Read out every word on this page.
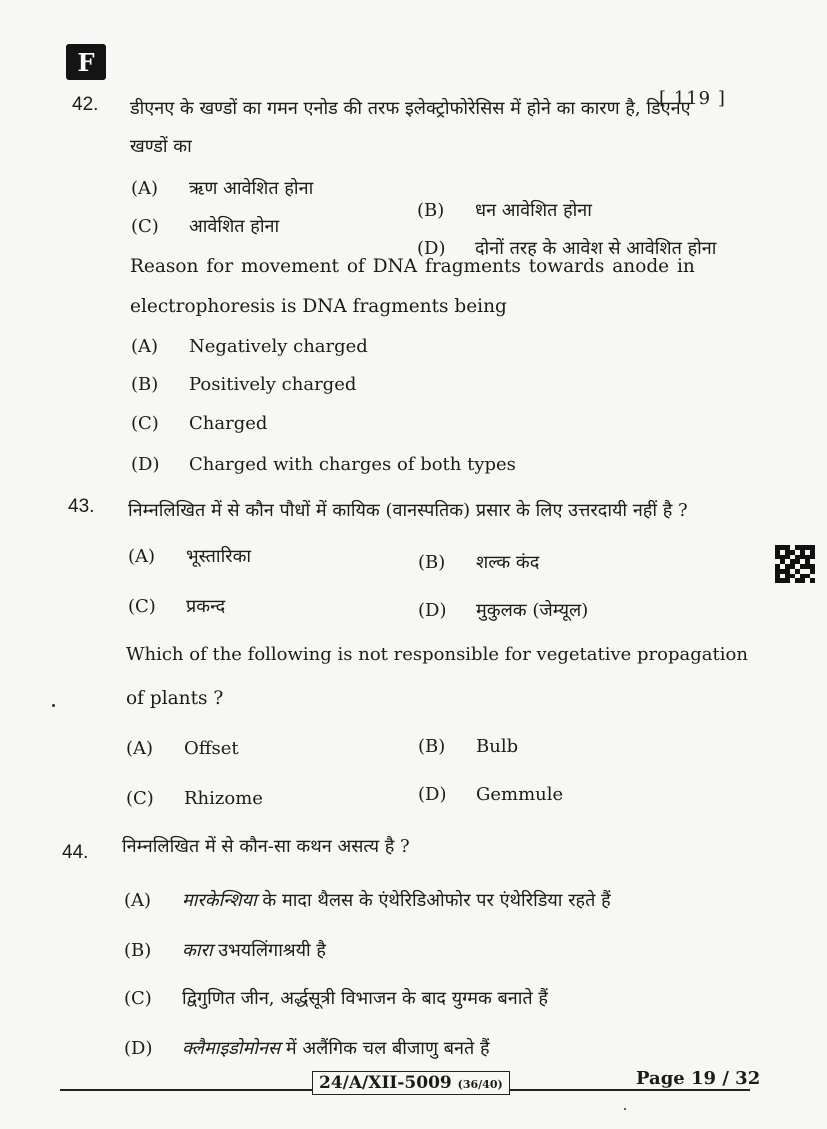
F
[ 119 ]
42. डीएनए के खण्डों का गमन एनोड की तरफ इलेक्ट्रोफोरेसिस में होने का कारण है, डिएनए
खण्डों का
(A) ऋण आवेशित होना
(B) धन आवेशित होना
(C) आवेशित होना
(D) दोनों तरह के आवेश से आवेशित होना
Reason for movement of DNA fragments towards anode in
electrophoresis is DNA fragments being
(A) Negatively charged
(B) Positively charged
(C) Charged
(D) Charged with charges of both types
43. निम्नलिखित में से कौन पौधों में कायिक (वानस्पतिक) प्रसार के लिए उत्तरदायी नहीं है ?
(A) भूस्तारिका	(B) शल्क कंद
(C) प्रकन्द	(D) मुकुलक (जेम्यूल)
Which of the following is not responsible for vegetative propagation
of plants ?
(A) Offset	(B) Bulb
(C) Rhizome	(D) Gemmule
44. निम्नलिखित में से कौन-सा कथन असत्य है ?
(A) मारकेन्शिया के मादा थैलस के एंथेरिडिओफोर पर एंथेरिडिया रहते हैं
(B) कारा उभयलिंगाश्रयी है
(C) द्विगुणित जीन, अर्द्धसूत्री विभाजन के बाद युग्मक बनाते हैं
(D) क्लैमाइडोमोनस में अलैंगिक चल बीजाणु बनते हैं
24/A/XII-5009 (36/40)	Page 19 / 32
